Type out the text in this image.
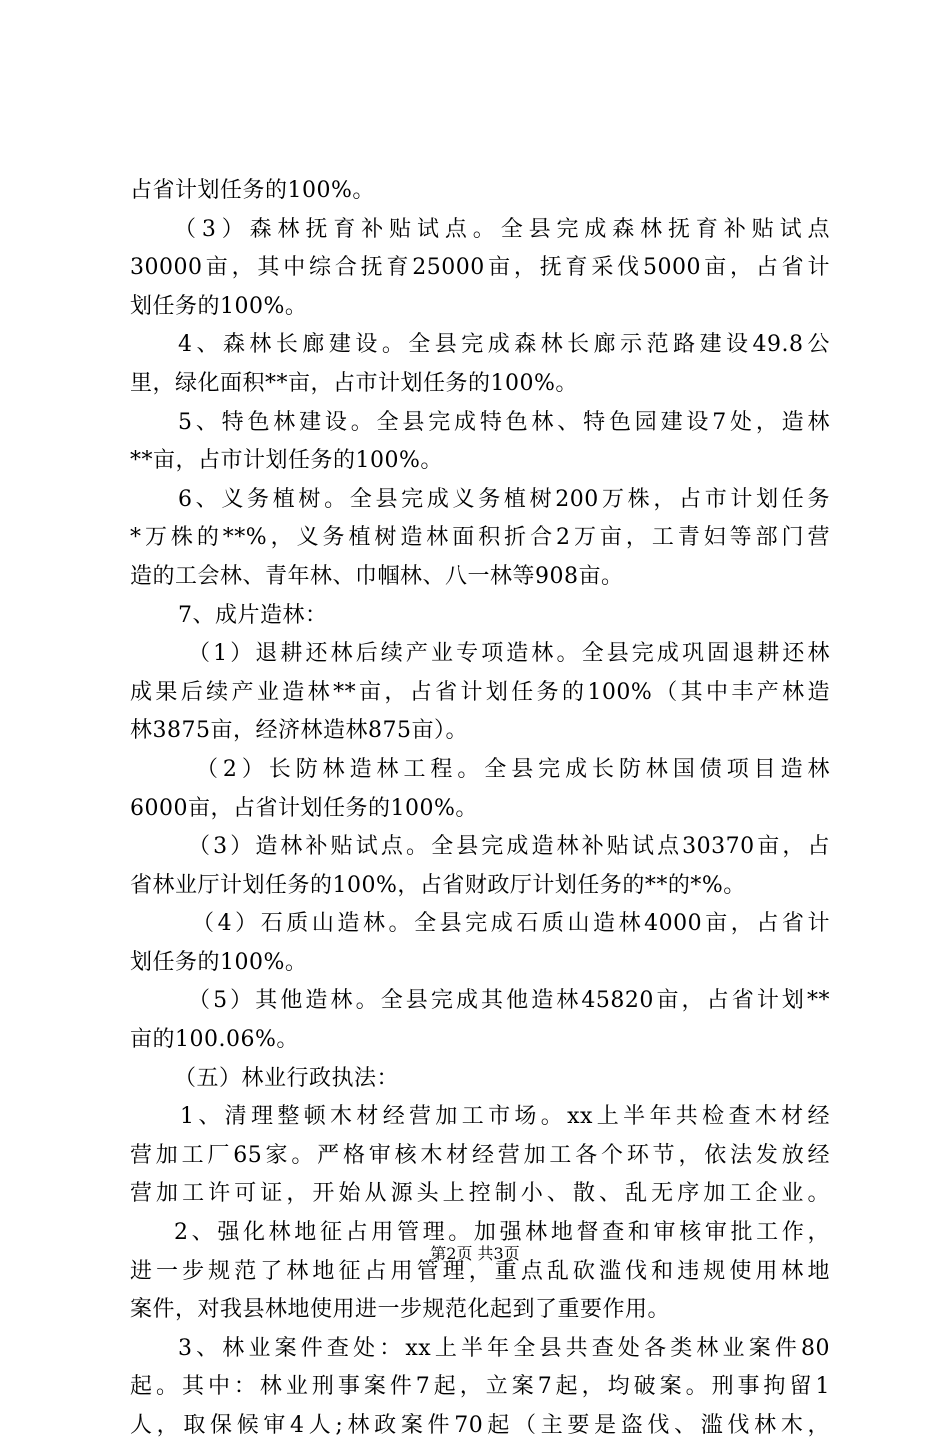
占省计划任务的100%。
（3）森林抚育补贴试点。全县完成森林抚育补贴试点
30000亩，其中综合抚育25000亩，抚育采伐5000亩，占省计
划任务的100%。
4、森林长廊建设。全县完成森林长廊示范路建设49.8公
里，绿化面积**亩，占市计划任务的100%。
5、特色林建设。全县完成特色林、特色园建设7处，造林
**亩，占市计划任务的100%。
6、义务植树。全县完成义务植树200万株，占市计划任务
*万株的**%，义务植树造林面积折合2万亩，工青妇等部门营
造的工会林、青年林、巾帼林、八一林等908亩。
7、成片造林：
（1）退耕还林后续产业专项造林。全县完成巩固退耕还林
成果后续产业造林**亩，占省计划任务的100%（其中丰产林造
林3875亩，经济林造林875亩）。
（2）长防林造林工程。全县完成长防林国债项目造林
6000亩，占省计划任务的100%。
（3）造林补贴试点。全县完成造林补贴试点30370亩，占
省林业厅计划任务的100%，占省财政厅计划任务的**的*%。
（4）石质山造林。全县完成石质山造林4000亩，占省计
划任务的100%。
（5）其他造林。全县完成其他造林45820亩，占省计划**
亩的100.06%。
（五）林业行政执法：
1、清理整顿木材经营加工市场。xx上半年共检查木材经
营加工厂65家。严格审核木材经营加工各个环节，依法发放经
营加工许可证，开始从源头上控制小、散、乱无序加工企业。
2、强化林地征占用管理。加强林地督查和审核审批工作，
进一步规范了林地征占用管理，重点乱砍滥伐和违规使用林地
案件，对我县林地使用进一步规范化起到了重要作用。
3、林业案件查处：xx上半年全县共查处各类林业案件80
起。其中：林业刑事案件7起，立案7起，均破案。刑事拘留1
人，取保候审4人;林政案件70起（主要是盗伐、滥伐林木，
第2页 共3页
